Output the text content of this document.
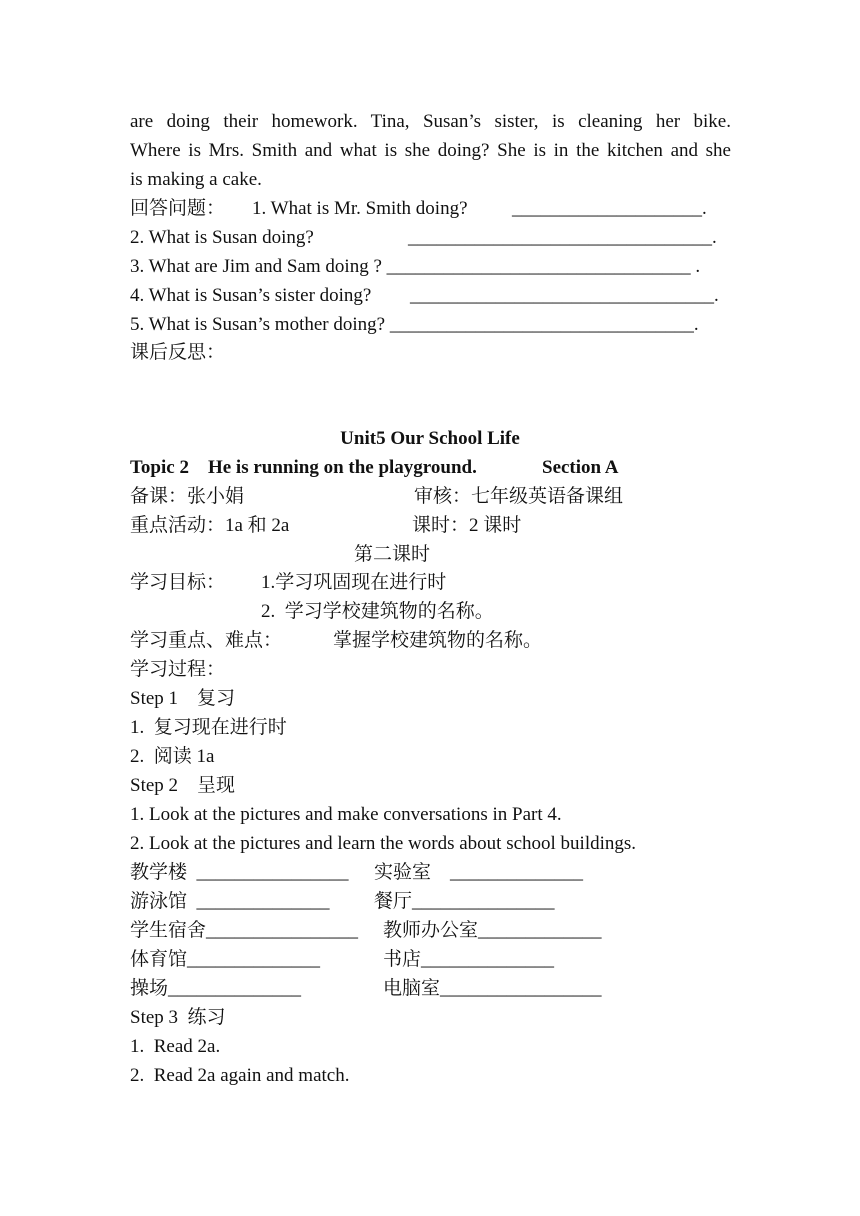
are doing their homework. Tina, Susan’s sister, is cleaning her bike.
Where is Mrs. Smith and what is she doing? She is in the kitchen and she
is making a cake.
回答问题： 1. What is Mr. Smith doing? ____________________.
2. What is Susan doing?	________________________________.
3. What are Jim and Sam doing ? ________________________________ .
4. What is Susan’s sister doing? ________________________________.
5. What is Susan’s mother doing? ________________________________.
课后反思：
Unit5 Our School Life
Topic 2    He is running on the playground.	Section A
备课：张小娟	审核：七年级英语备课组
重点活动：1a 和 2a	课时：2 课时
第二课时
学习目标： 1.学习巩固现在进行时
2.  学习学校建筑物的名称。
学习重点、难点：	掌握学校建筑物的名称。
学习过程：
Step 1    复习
1.  复习现在进行时
2.  阅读 1a
Step 2    呈现
1. Look at the pictures and make conversations in Part 4.
2. Look at the pictures and learn the words about school buildings.
教学楼  ________________ 实验室    ______________
游泳馆  ______________ 餐厅_______________
学生宿舍________________ 教师办公室_____________
体育馆______________	书店______________
操场______________	电脑室_________________
Step 3  练习
1.  Read 2a.
2.  Read 2a again and match.
